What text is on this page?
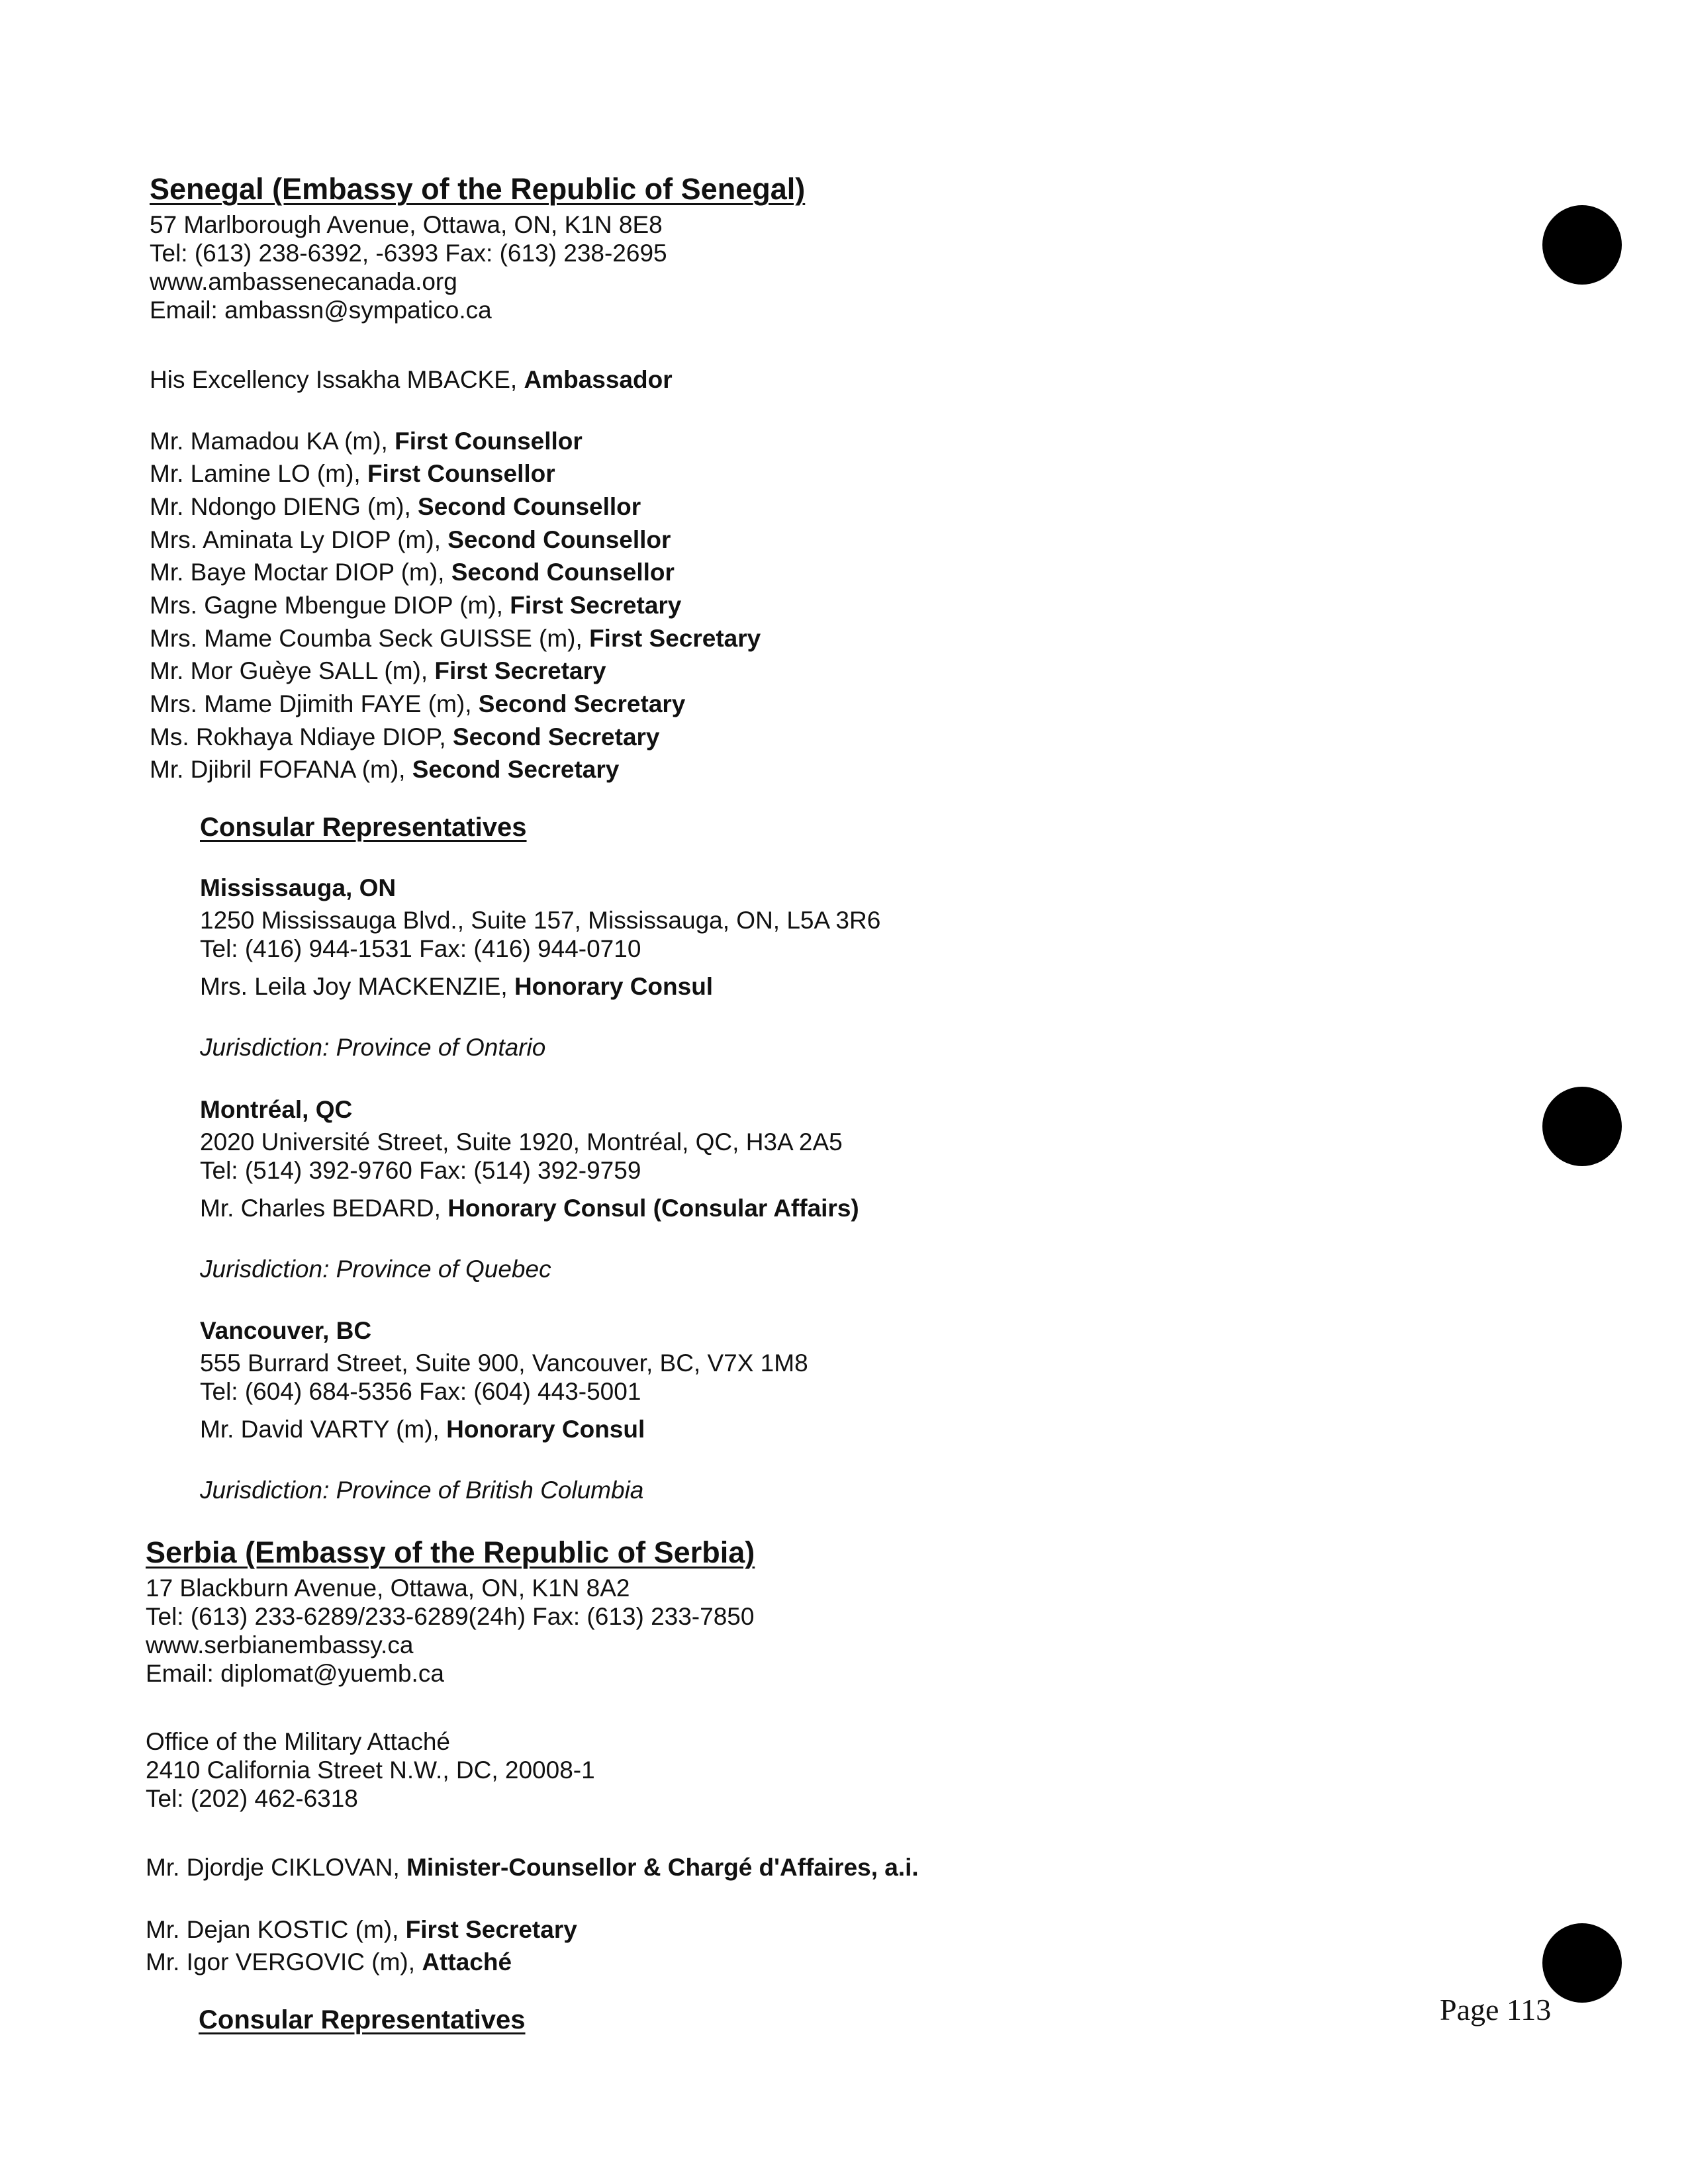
Senegal (Embassy of the Republic of Senegal)
57 Marlborough Avenue, Ottawa, ON, K1N 8E8
Tel: (613) 238-6392, -6393 Fax: (613) 238-2695
www.ambassenecanada.org
Email: ambassn@sympatico.ca
His Excellency Issakha MBACKE, Ambassador
Mr. Mamadou KA (m), First Counsellor
Mr. Lamine LO (m), First Counsellor
Mr. Ndongo DIENG (m), Second Counsellor
Mrs. Aminata Ly DIOP (m), Second Counsellor
Mr. Baye Moctar DIOP (m), Second Counsellor
Mrs. Gagne Mbengue DIOP (m), First Secretary
Mrs. Mame Coumba Seck GUISSE (m), First Secretary
Mr. Mor Guèye SALL (m), First Secretary
Mrs. Mame Djimith FAYE (m), Second Secretary
Ms. Rokhaya Ndiaye DIOP, Second Secretary
Mr. Djibril FOFANA (m), Second Secretary
Consular Representatives
Mississauga, ON
1250 Mississauga Blvd., Suite 157, Mississauga, ON, L5A 3R6
Tel: (416) 944-1531 Fax: (416) 944-0710
Mrs. Leila Joy MACKENZIE, Honorary Consul
Jurisdiction: Province of Ontario
Montréal, QC
2020 Université Street, Suite 1920, Montréal, QC, H3A 2A5
Tel: (514) 392-9760 Fax: (514) 392-9759
Mr. Charles BEDARD, Honorary Consul (Consular Affairs)
Jurisdiction: Province of Quebec
Vancouver, BC
555 Burrard Street, Suite 900, Vancouver, BC, V7X 1M8
Tel: (604) 684-5356 Fax: (604) 443-5001
Mr. David VARTY (m), Honorary Consul
Jurisdiction: Province of British Columbia
Serbia (Embassy of the Republic of Serbia)
17 Blackburn Avenue, Ottawa, ON, K1N 8A2
Tel: (613) 233-6289/233-6289(24h) Fax: (613) 233-7850
www.serbianembassy.ca
Email: diplomat@yuemb.ca
Office of the Military Attaché
2410 California Street N.W., DC, 20008-1
Tel: (202) 462-6318
Mr. Djordje CIKLOVAN, Minister-Counsellor & Chargé d'Affaires, a.i.
Mr. Dejan KOSTIC (m), First Secretary
Mr. Igor VERGOVIC (m), Attaché
Consular Representatives	Page 113
